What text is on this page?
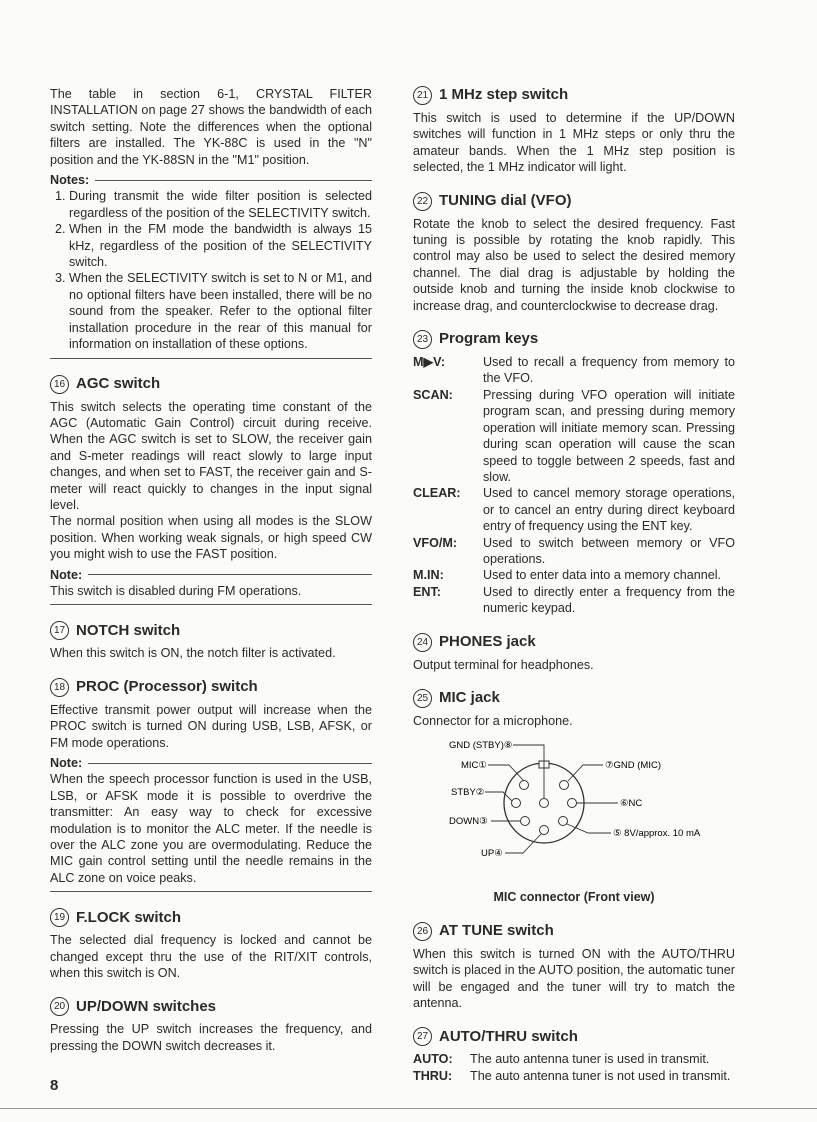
The table in section 6-1, CRYSTAL FILTER INSTALLATION on page 27 shows the bandwidth of each switch setting. Note the differences when the optional filters are installed. The YK-88C is used in the "N" position and the YK-88SN in the "M1" position.

Notes:
1. During transmit the wide filter position is selected regardless of the position of the SELECTIVITY switch.
2. When in the FM mode the bandwidth is always 15 kHz, regardless of the position of the SELECTIVITY switch.
3. When the SELECTIVITY switch is set to N or M1, and no optional filters have been installed, there will be no sound from the speaker. Refer to the optional filter installation procedure in the rear of this manual for information on installation of these options.
16 AGC switch

This switch selects the operating time constant of the AGC (Automatic Gain Control) circuit during receive. When the AGC switch is set to SLOW, the receiver gain and S-meter readings will react slowly to large input changes, and when set to FAST, the receiver gain and S-meter will react quickly to changes in the input signal level.

The normal position when using all modes is the SLOW position. When working weak signals, or high speed CW you might wish to use the FAST position.

Note:

This switch is disabled during FM operations.

17 NOTCH switch

When this switch is ON, the notch filter is activated.

18 PROC (Processor) switch

Effective transmit power output will increase when the PROC switch is turned ON during USB, LSB, AFSK, or FM mode operations.

Note:

When the speech processor function is used in the USB, LSB, or AFSK mode it is possible to overdrive the transmitter: An easy way to check for excessive modulation is to monitor the ALC meter. If the needle is over the ALC zone you are overmodulating. Reduce the MIC gain control setting until the needle remains in the ALC zone on voice peaks.

19 F.LOCK switch

The selected dial frequency is locked and cannot be changed except thru the use of the RIT/XIT controls, when this switch is ON.

20 UP/DOWN switches

Pressing the UP switch increases the frequency, and pressing the DOWN switch decreases it.

21 1 MHz step switch

This switch is used to determine if the UP/DOWN switches will function in 1 MHz steps or only thru the amateur bands. When the 1 MHz step position is selected, the 1 MHz indicator will light.

22 TUNING dial (VFO)

Rotate the knob to select the desired frequency. Fast tuning is possible by rotating the knob rapidly. This control may also be used to select the desired memory channel. The dial drag is adjustable by holding the outside knob and turning the inside knob clockwise to increase drag, and counterclockwise to decrease drag.

23 Program keys
M▶V:	Used to recall a frequency from memory to the VFO.
SCAN:	Pressing during VFO operation will initiate program scan, and pressing during memory operation will initiate memory scan. Pressing during scan operation will cause the scan speed to toggle between 2 speeds, fast and slow.
CLEAR:	Used to cancel memory storage operations, or to cancel an entry during direct keyboard entry of frequency using the ENT key.
VFO/M:	Used to switch between memory or VFO operations.
M.IN:	Used to enter data into a memory channel.
ENT:	Used to directly enter a frequency from the numeric keypad.
24 PHONES jack

Output terminal for headphones.

25 MIC jack

Connector for a microphone.

GND (STBY)⑧
MIC①
STBY②
DOWN③
UP④
⑦GND (MIC)
⑥NC
⑤ 8V/approx. 10 mA
MIC connector (Front view)
26 AT TUNE switch

When this switch is turned ON with the AUTO/THRU switch is placed in the AUTO position, the automatic tuner will be engaged and the tuner will try to match the antenna.

27 AUTO/THRU switch
AUTO:	The auto antenna tuner is used in transmit.
THRU:	The auto antenna tuner is not used in transmit.
8
